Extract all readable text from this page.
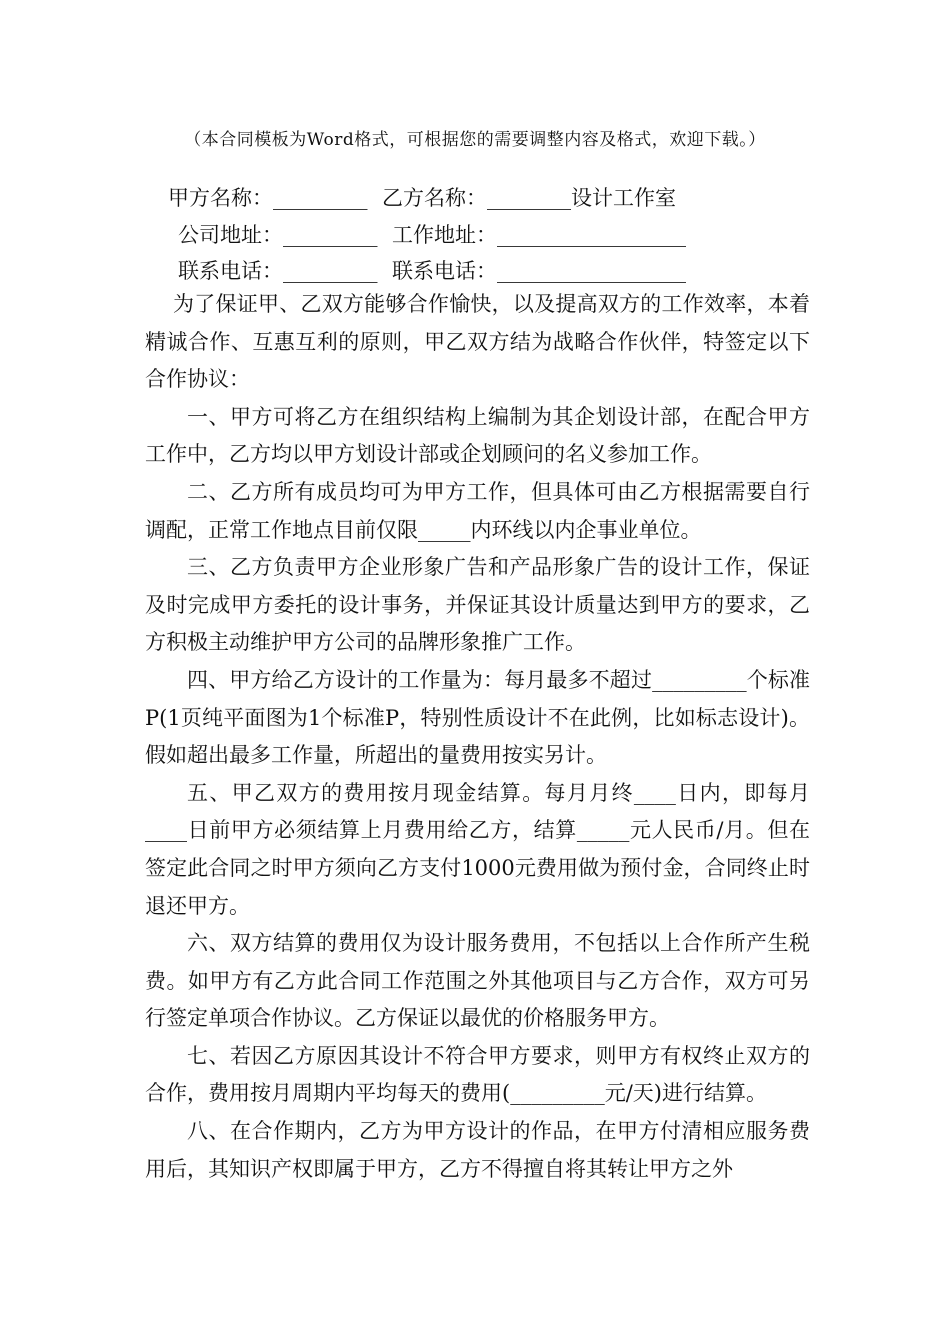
（本合同模板为Word格式，可根据您的需要调整内容及格式，欢迎下载。）
甲方名称：_________ 乙方名称：________设计工作室
公司地址：_________ 工作地址：__________________
联系电话：_________ 联系电话：__________________

为了保证甲、乙双方能够合作愉快，以及提高双方的工作效率，本着精诚合作、互惠互利的原则，甲乙双方结为战略合作伙伴，特签定以下合作协议：

一、甲方可将乙方在组织结构上编制为其企划设计部，在配合甲方工作中，乙方均以甲方划设计部或企划顾问的名义参加工作。

二、乙方所有成员均可为甲方工作，但具体可由乙方根据需要自行调配，正常工作地点目前仅限_____内环线以内企事业单位。

三、乙方负责甲方企业形象广告和产品形象广告的设计工作，保证及时完成甲方委托的设计事务，并保证其设计质量达到甲方的要求，乙方积极主动维护甲方公司的品牌形象推广工作。

四、甲方给乙方设计的工作量为：每月最多不超过_________个标准P(1页纯平面图为1个标准P，特别性质设计不在此例，比如标志设计)。假如超出最多工作量，所超出的量费用按实另计。

五、甲乙双方的费用按月现金结算。每月月终____日内，即每月____日前甲方必须结算上月费用给乙方，结算_____元人民币/月。但在签定此合同之时甲方须向乙方支付1000元费用做为预付金，合同终止时退还甲方。

六、双方结算的费用仅为设计服务费用，不包括以上合作所产生税费。如甲方有乙方此合同工作范围之外其他项目与乙方合作，双方可另行签定单项合作协议。乙方保证以最优的价格服务甲方。

七、若因乙方原因其设计不符合甲方要求，则甲方有权终止双方的合作，费用按月周期内平均每天的费用(_________元/天)进行结算。

八、在合作期内，乙方为甲方设计的作品，在甲方付清相应服务费用后，其知识产权即属于甲方，乙方不得擅自将其转让甲方之外
